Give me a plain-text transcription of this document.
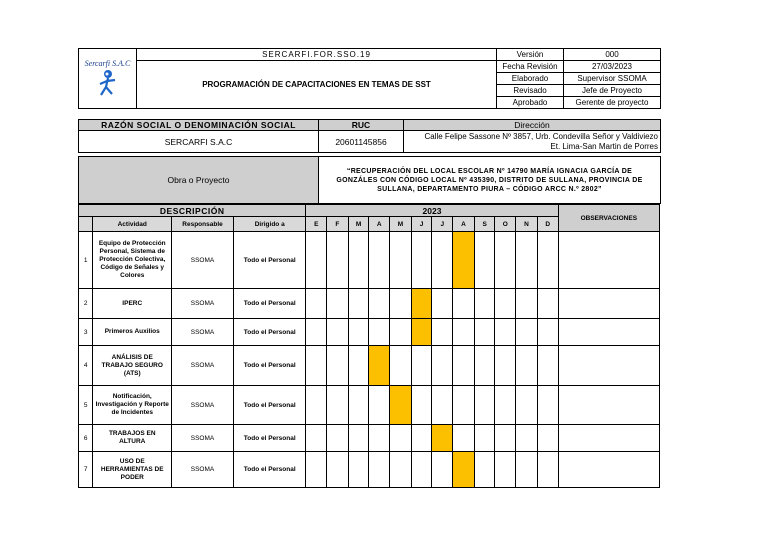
Sercarfi S.A.C	SERCARFI.FOR.SSO.19	Versión	000
	PROGRAMACIÓN DE CAPACITACIONES EN TEMAS DE SST	Fecha Revisión	27/03/2023
		Elaborado	Supervisor SSOMA
		Revisado	Jefe de Proyecto
		Aprobado	Gerente de proyecto
RAZÓN SOCIAL O DENOMINACIÓN SOCIAL	RUC	Dirección
SERCARFI S.A.C	20601145856	Calle Felipe Sassone Nº 3857, Urb. Condevilla Señor y Valdiviezo
Et. Lima-San Martin de Porres
Obra o Proyecto	
“RECUPERACIÓN DEL LOCAL ESCOLAR Nº 14790 MARÍA IGNACIA GARCÍA DE
GONZÁLES CON CÓDIGO LOCAL Nº 435390, DISTRITO DE SULLANA, PROVINCIA DE
SULLANA, DEPARTAMENTO PIURA – CÓDIGO ARCC N.º 2802”
DESCRIPCIÓN				2023												OBSERVACIONES
	Actividad	Responsable	Dirigido a	E	F	M	A	M	J	J	A	S	O	N	D	
1	Equipo de Protección Personal, Sistema de Protección Colectiva, Código de Señales y Colores	SSOMA	Todo el Personal													
2	IPERC	SSOMA	Todo el Personal													
3	Primeros Auxilios	SSOMA	Todo el Personal													
4	ANÁLISIS DE TRABAJO SEGURO (ATS)	SSOMA	Todo el Personal													
5	Notificación, Investigación y Reporte de Incidentes	SSOMA	Todo el Personal													
6	TRABAJOS EN ALTURA	SSOMA	Todo el Personal													
7	USO DE HERRAMIENTAS DE PODER	SSOMA	Todo el Personal													
